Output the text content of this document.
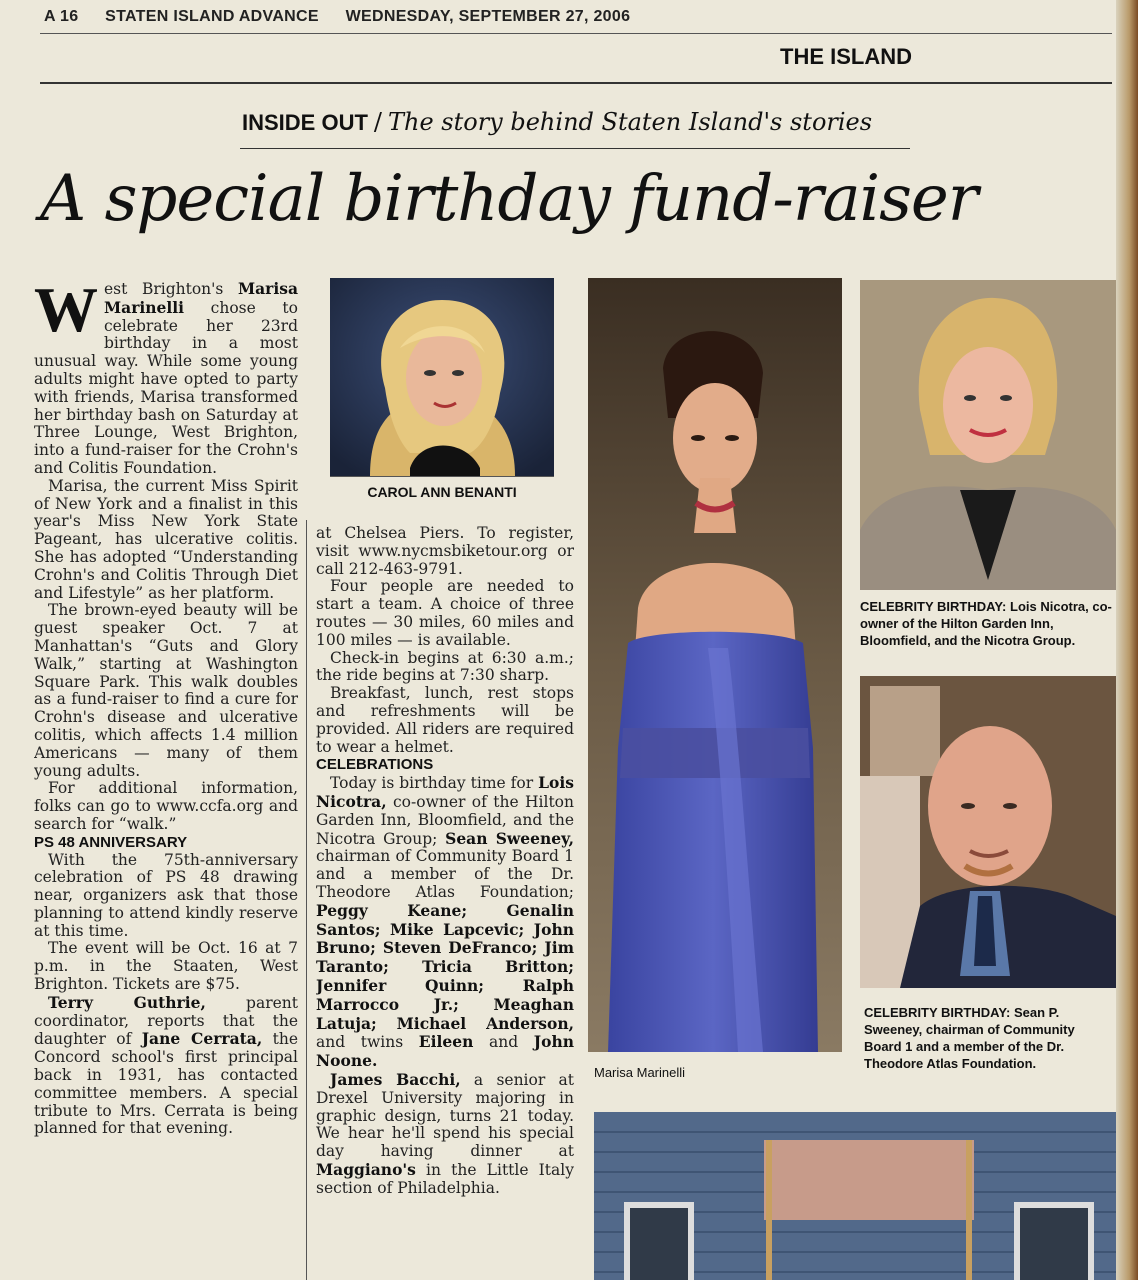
A 16 STATEN ISLAND ADVANCE WEDNESDAY, SEPTEMBER 27, 2006
THE ISLAND
INSIDE OUT / The story behind Staten Island's stories
A special birthday fund-raiser

West Brighton's Marisa Marinelli chose to celebrate her 23rd birthday in a most unusual way. While some young adults might have opted to party with friends, Marisa transformed her birthday bash on Saturday at Three Lounge, West Brighton, into a fund-raiser for the Crohn's and Colitis Foundation.

Marisa, the current Miss Spirit of New York and a finalist in this year's Miss New York State Pageant, has ulcerative colitis. She has adopted “Understanding Crohn's and Colitis Through Diet and Lifestyle” as her platform.

The brown-eyed beauty will be guest speaker Oct. 7 at Manhattan's “Guts and Glory Walk,” starting at Washington Square Park. This walk doubles as a fund-raiser to find a cure for Crohn's disease and ulcerative colitis, which affects 1.4 million Americans — many of them young adults.

For additional information, folks can go to www.ccfa.org and search for “walk.”

PS 48 ANNIVERSARY

With the 75th-anniversary celebration of PS 48 drawing near, organizers ask that those planning to attend kindly reserve at this time.

The event will be Oct. 16 at 7 p.m. in the Staaten, West Brighton. Tickets are $75.

Terry Guthrie, parent coordinator, reports that the daughter of Jane Cerrata, the Concord school's first principal back in 1931, has contacted committee members. A special tribute to Mrs. Cerrata is being planned for that evening.

CAROL ANN BENANTI

at Chelsea Piers. To register, visit www.nycmsbiketour.org or call 212-463-9791.

Four people are needed to start a team. A choice of three routes — 30 miles, 60 miles and 100 miles — is available.

Check-in begins at 6:30 a.m.; the ride begins at 7:30 sharp.

Breakfast, lunch, rest stops and refreshments will be provided. All riders are required to wear a helmet.

CELEBRATIONS

Today is birthday time for Lois Nicotra, co-owner of the Hilton Garden Inn, Bloomfield, and the Nicotra Group; Sean Sweeney, chairman of Community Board 1 and a member of the Dr. Theodore Atlas Foundation; Peggy Keane; Genalin Santos; Mike Lapcevic; John Bruno; Steven DeFranco; Jim Taranto; Tricia Britton; Jennifer Quinn; Ralph Marrocco Jr.; Meaghan Latuja; Michael Anderson, and twins Eileen and John Noone.

James Bacchi, a senior at Drexel University majoring in graphic design, turns 21 today. We hear he'll spend his special day having dinner at Maggiano's in the Little Italy section of Philadelphia.

Marisa Marinelli
CELEBRITY BIRTHDAY: Lois Nicotra, co-owner of the Hilton Garden Inn, Bloomfield, and the Nicotra Group.
CELEBRITY BIRTHDAY: Sean P. Sweeney, chairman of Community Board 1 and a member of the Dr. Theodore Atlas Foundation.
